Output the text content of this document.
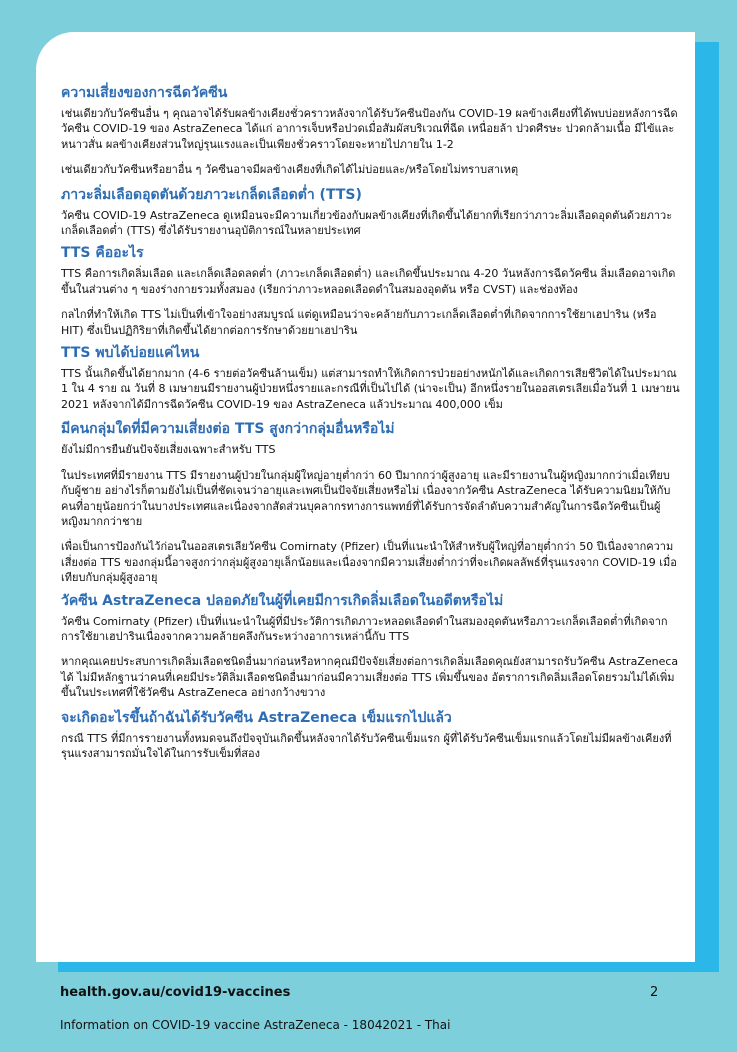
ความเสี่ยงของการฉีดวัคซีน

เช่นเดียวกับวัคซีนอื่น ๆ คุณอาจได้รับผลข้างเคียงชั่วคราวหลังจากได้รับวัคซีนป้องกัน COVID-19 ผลข้างเคียงที่ได้พบบ่อยหลังการฉีดวัคซีน COVID-19 ของ AstraZeneca ได้แก่ อาการเจ็บหรือปวดเมื่อสัมผัสบริเวณที่ฉีด เหนื่อยล้า ปวดศีรษะ ปวดกล้ามเนื้อ มีไข้และหนาวสั่น ผลข้างเคียงส่วนใหญ่รุนแรงและเป็นเพียงชั่วคราวโดยจะหายไปภายใน 1-2

เช่นเดียวกับวัคซีนหรือยาอื่น ๆ วัคซีนอาจมีผลข้างเคียงที่เกิดได้ไม่บ่อยและ/หรือโดยไม่ทราบสาเหตุ

ภาวะลิ่มเลือดอุดตันด้วยภาวะเกล็ดเลือดต่ำ (TTS)

วัคซีน COVID-19 AstraZeneca ดูเหมือนจะมีความเกี่ยวข้องกับผลข้างเคียงที่เกิดขึ้นได้ยากที่เรียกว่าภาวะลิ่มเลือดอุดตันด้วยภาวะเกล็ดเลือดต่ำ (TTS) ซึ่งได้รับรายงานอุบัติการณ์ในหลายประเทศ

TTS คืออะไร

TTS คือการเกิดลิ่มเลือด และเกล็ดเลือดลดต่ำ (ภาวะเกล็ดเลือดต่ำ) และเกิดขึ้นประมาณ 4-20 วันหลังการฉีดวัคซีน ลิ่มเลือดอาจเกิดขึ้นในส่วนต่าง ๆ ของร่างกายรวมทั้งสมอง (เรียกว่าภาวะหลอดเลือดดำในสมองอุดตัน หรือ CVST) และช่องท้อง

กลไกที่ทำให้เกิด TTS ไม่เป็นที่เข้าใจอย่างสมบูรณ์ แต่ดูเหมือนว่าจะคล้ายกับภาวะเกล็ดเลือดต่ำที่เกิดจากการใช้ยาเฮปาริน (หรือ HIT) ซึ่งเป็นปฏิกิริยาที่เกิดขึ้นได้ยากต่อการรักษาด้วยยาเฮปาริน

TTS พบได้บ่อยแค่ไหน

TTS นั้นเกิดขึ้นได้ยากมาก (4-6 รายต่อวัคซีนล้านเข็ม) แต่สามารถทำให้เกิดการป่วยอย่างหนักได้และเกิดการเสียชีวิตได้ในประมาณ 1 ใน 4 ราย ณ วันที่ 8 เมษายนมีรายงานผู้ป่วยหนึ่งรายและกรณีที่เป็นไปได้ (น่าจะเป็น) อีกหนึ่งรายในออสเตรเลียเมื่อวันที่ 1 เมษายน 2021 หลังจากได้มีการฉีดวัคซีน COVID-19 ของ AstraZeneca แล้วประมาณ 400,000 เข็ม

มีคนกลุ่มใดที่มีความเสี่ยงต่อ TTS สูงกว่ากลุ่มอื่นหรือไม่

ยังไม่มีการยืนยันปัจจัยเสี่ยงเฉพาะสำหรับ TTS

ในประเทศที่มีรายงาน TTS มีรายงานผู้ป่วยในกลุ่มผู้ใหญ่อายุต่ำกว่า 60 ปีมากกว่าผู้สูงอายุ และมีรายงานในผู้หญิงมากกว่าเมื่อเทียบกับผู้ชาย อย่างไรก็ตามยังไม่เป็นที่ชัดเจนว่าอายุและเพศเป็นปัจจัยเสี่ยงหรือไม่ เนื่องจากวัคซีน AstraZeneca ได้รับความนิยมให้กับคนที่อายุน้อยกว่าในบางประเทศและเนื่องจากสัดส่วนบุคลากรทางการแพทย์ที่ได้รับการจัดลำดับความสำคัญในการฉีดวัคซีนเป็นผู้หญิงมากกว่าชาย

เพื่อเป็นการป้องกันไว้ก่อนในออสเตรเลียวัคซีน Comirnaty (Pfizer) เป็นที่แนะนำให้สำหรับผู้ใหญ่ที่อายุต่ำกว่า 50 ปีเนื่องจากความเสี่ยงต่อ TTS ของกลุ่มนี้อาจสูงกว่ากลุ่มผู้สูงอายุเล็กน้อยและเนื่องจากมีความเสี่ยงต่ำกว่าที่จะเกิดผลลัพธ์ที่รุนแรงจาก COVID-19 เมื่อเทียบกับกลุ่มผู้สูงอายุ

วัคซีน AstraZeneca ปลอดภัยในผู้ที่เคยมีการเกิดลิ่มเลือดในอดีตหรือไม่

วัคซีน Comirnaty (Pfizer) เป็นที่แนะนำในผู้ที่มีประวัติการเกิดภาวะหลอดเลือดดำในสมองอุดตันหรือภาวะเกล็ดเลือดต่ำที่เกิดจากการใช้ยาเฮปารินเนื่องจากความคล้ายคลึงกันระหว่างอาการเหล่านี้กับ TTS

หากคุณเคยประสบการเกิดลิ่มเลือดชนิดอื่นมาก่อนหรือหากคุณมีปัจจัยเสี่ยงต่อการเกิดลิ่มเลือดคุณยังสามารถรับวัคซีน AstraZeneca ได้ ไม่มีหลักฐานว่าคนที่เคยมีประวัติลิ่มเลือดชนิดอื่นมาก่อนมีความเสี่ยงต่อ TTS เพิ่มขึ้นของ อัตราการเกิดลิ่มเลือดโดยรวมไม่ได้เพิ่มขึ้นในประเทศที่ใช้วัคซีน AstraZeneca อย่างกว้างขวาง

จะเกิดอะไรขึ้นถ้าฉันได้รับวัคซีน AstraZeneca เข็มแรกไปแล้ว

กรณี TTS ที่มีการรายงานทั้งหมดจนถึงปัจจุบันเกิดขึ้นหลังจากได้รับวัคซีนเข็มแรก ผู้ที่ได้รับวัคซีนเข็มแรกแล้วโดยไม่มีผลข้างเคียงที่รุนแรงสามารถมั่นใจได้ในการรับเข็มที่สอง

health.gov.au/covid19-vaccines	2
Information on COVID-19 vaccine AstraZeneca - 18042021 - Thai
